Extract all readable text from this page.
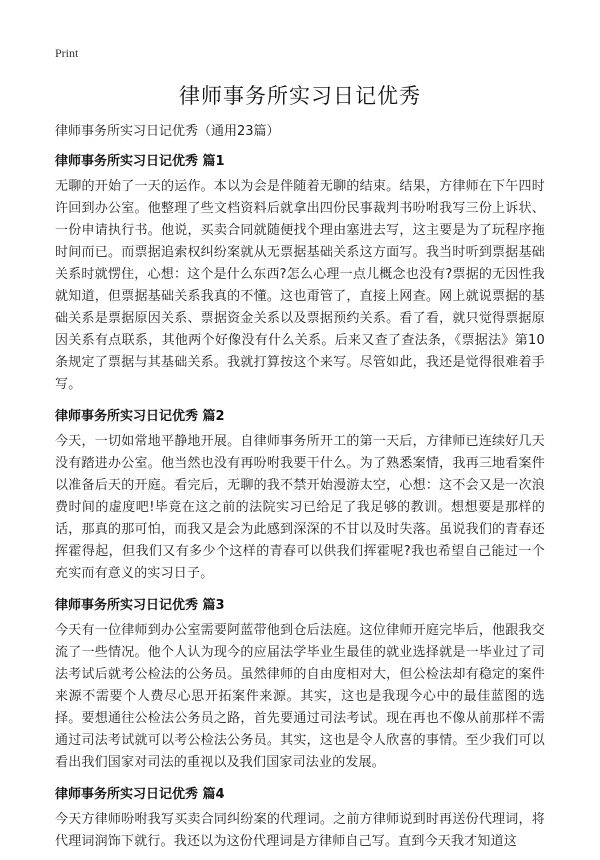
Print
律师事务所实习日记优秀
律师事务所实习日记优秀（通用23篇）
律师事务所实习日记优秀 篇1

无聊的开始了一天的运作。本以为会是伴随着无聊的结束。结果，方律师在下午四时许回到办公室。他整理了些文档资料后就拿出四份民事裁判书吩咐我写三份上诉状、一份申请执行书。他说，买卖合同就随便找个理由塞进去写，这主要是为了玩程序拖时间而已。而票据追索权纠纷案就从无票据基础关系这方面写。我当时听到票据基础关系时就愣住，心想：这个是什么东西?怎么心理一点儿概念也没有?票据的无因性我就知道，但票据基础关系我真的不懂。这也甭管了，直接上网查。网上就说票据的基础关系是票据原因关系、票据资金关系以及票据预约关系。看了看，就只觉得票据原因关系有点联系，其他两个好像没有什么关系。后来又查了查法条，《票据法》第10条规定了票据与其基础关系。我就打算按这个来写。尽管如此，我还是觉得很难着手写。

律师事务所实习日记优秀 篇2

今天，一切如常地平静地开展。自律师事务所开工的第一天后，方律师已连续好几天没有踏进办公室。他当然也没有再吩咐我要干什么。为了熟悉案情，我再三地看案件以准备后天的开庭。看完后，无聊的我不禁开始漫游太空，心想：这不会又是一次浪费时间的虚度吧!毕竟在这之前的法院实习已给足了我足够的教训。想想要是那样的话，那真的那可怕，而我又是会为此感到深深的不甘以及时失落。虽说我们的青春还挥霍得起，但我们又有多少个这样的青春可以供我们挥霍呢?我也希望自己能过一个充实而有意义的实习日子。

律师事务所实习日记优秀 篇3

今天有一位律师到办公室需要阿蓝带他到仓后法庭。这位律师开庭完毕后，他跟我交流了一些情况。他个人认为现今的应届法学毕业生最佳的就业选择就是一毕业过了司法考试后就考公检法的公务员。虽然律师的自由度相对大，但公检法却有稳定的案件来源不需要个人费尽心思开拓案件来源。其实，这也是我现今心中的最佳蓝图的选择。要想通往公检法公务员之路，首先要通过司法考试。现在再也不像从前那样不需通过司法考试就可以考公检法公务员。其实，这也是令人欣喜的事情。至少我们可以看出我们国家对司法的重视以及我们国家司法业的发展。

律师事务所实习日记优秀 篇4

今天方律师吩咐我写买卖合同纠纷案的代理词。之前方律师说到时再送份代理词，将代理词润饰下就行。我还以为这份代理词是方律师自己写。直到今天我才知道这
